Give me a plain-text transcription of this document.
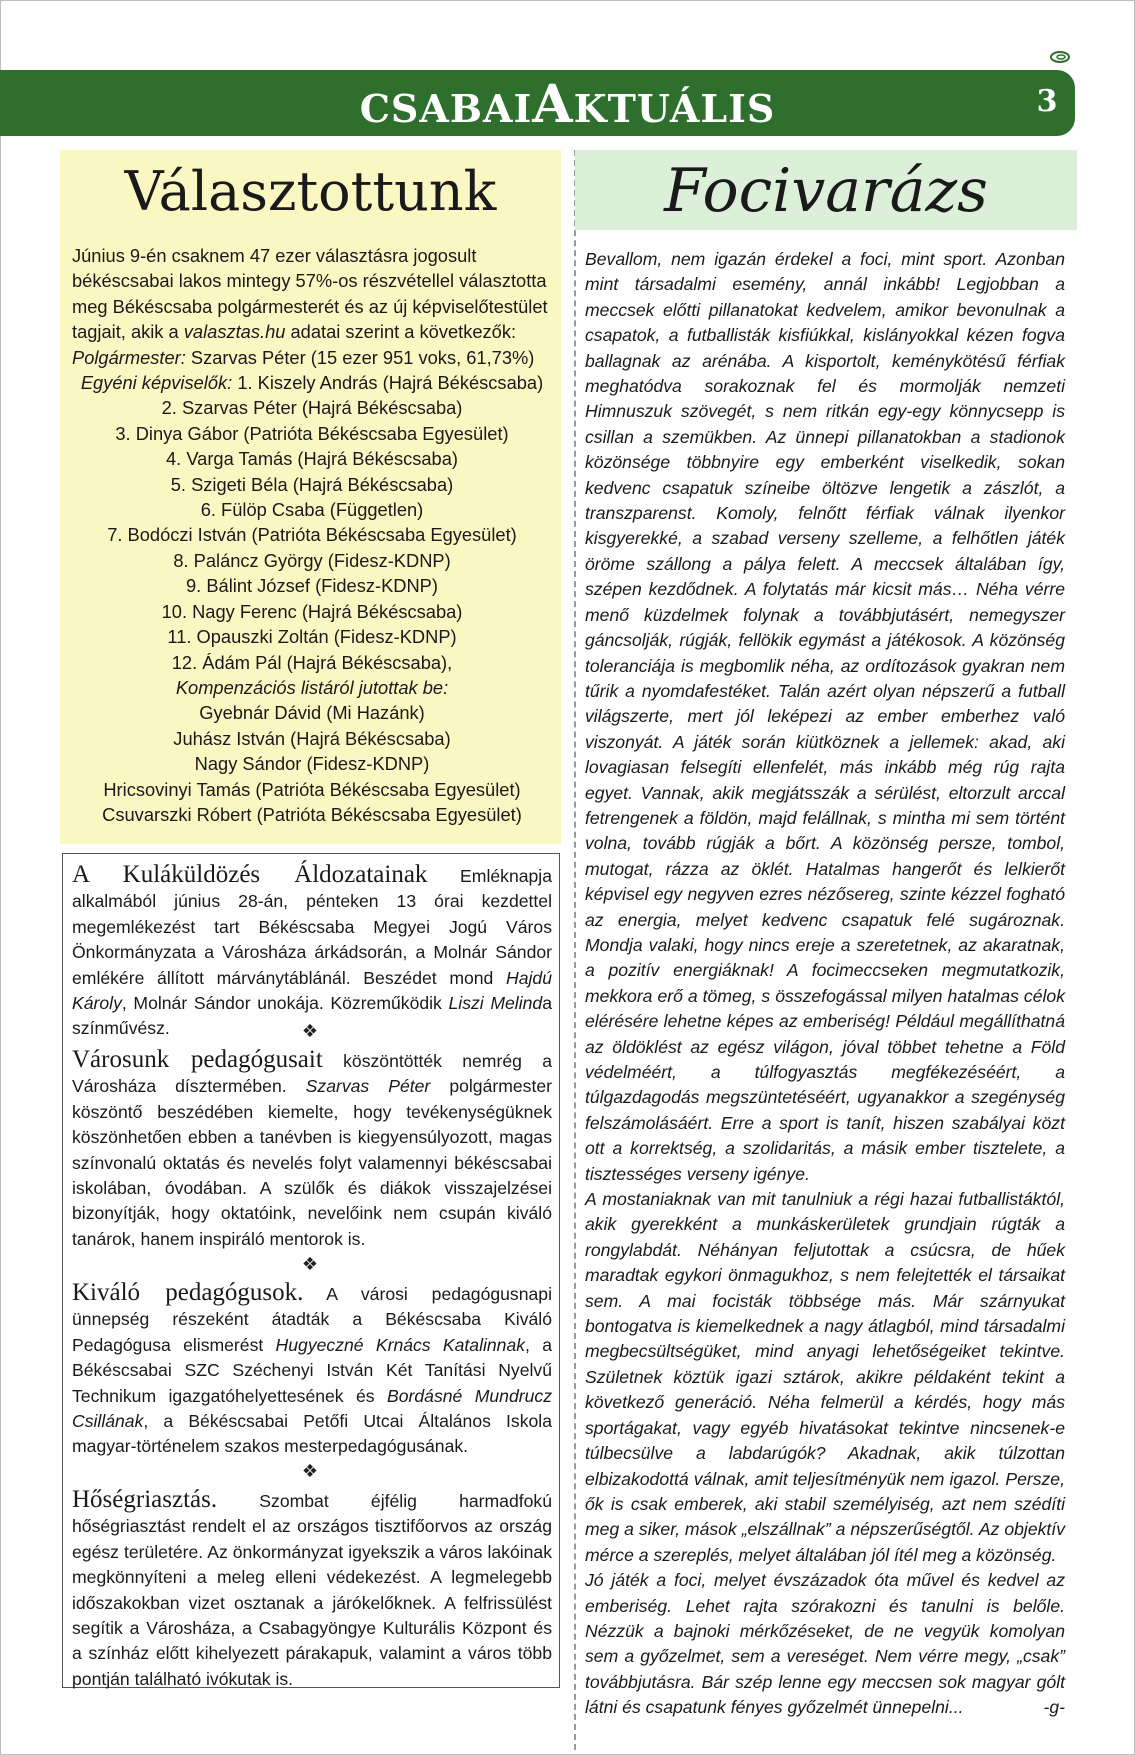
CSABAIAKTUÁLIS	3
Választottunk

Június 9-én csaknem 47 ezer választásra jogosult békéscsabai lakos mintegy 57%-os részvétellel választotta meg Békéscsaba polgármesterét és az új képviselőtestület tagjait, akik a valasztas.hu adatai szerint a következők:

Polgármester: Szarvas Péter (15 ezer 951 voks, 61,73%)

Egyéni képviselők: 1. Kiszely András (Hajrá Békéscsaba)

2. Szarvas Péter (Hajrá Békéscsaba)

3. Dinya Gábor (Patrióta Békéscsaba Egyesület)

4. Varga Tamás (Hajrá Békéscsaba)

5. Szigeti Béla (Hajrá Békéscsaba)

6. Fülöp Csaba (Független)

7. Bodóczi István (Patrióta Békéscsaba Egyesület)

8. Paláncz György (Fidesz-KDNP)

9. Bálint József (Fidesz-KDNP)

10. Nagy Ferenc (Hajrá Békéscsaba)

11. Opauszki Zoltán (Fidesz-KDNP)

12. Ádám Pál (Hajrá Békéscsaba),

Kompenzációs listáról jutottak be:

Gyebnár Dávid (Mi Hazánk)

Juhász István (Hajrá Békéscsaba)

Nagy Sándor (Fidesz-KDNP)

Hricsovinyi Tamás (Patrióta Békéscsaba Egyesület)

Csuvarszki Róbert (Patrióta Békéscsaba Egyesület)

A Kuláküldözés Áldozatainak Emléknapja alkalmából június 28-án, pénteken 13 órai kezdettel megemlékezést tart Békéscsaba Megyei Jogú Város Önkormányzata a Városháza árkádsorán, a Molnár Sándor emlékére állított márványtáblánál. Beszédet mond Hajdú Károly, Molnár Sándor unokája. Közreműködik Liszi Melinda színművész.	❖
Városunk pedagógusait köszöntötték nemrég a Városháza dísztermében. Szarvas Péter polgármester köszöntő beszédében kiemelte, hogy tevékenységüknek köszönhetően ebben a tanévben is kiegyensúlyozott, magas színvonalú oktatás és nevelés folyt valamennyi békéscsabai iskolában, óvodában. A szülők és diákok visszajelzései bizonyítják, hogy oktatóink, nevelőink nem csupán kiváló tanárok, hanem inspiráló mentorok is.
❖
Kiváló pedagógusok. A városi pedagógusnapi ünnepség részeként átadták a Békéscsaba Kiváló Pedagógusa elismerést Hugyeczné Krnács Katalinnak, a Békéscsabai SZC Széchenyi István Két Tanítási Nyelvű Technikum igazgatóhelyettesének és Bordásné Mundrucz Csillának, a Békéscsabai Petőfi Utcai Általános Iskola magyar-történelem szakos mesterpedagógusának.
❖
Hőségriasztás. Szombat éjfélig harmadfokú hőségriasztást rendelt el az országos tisztifőorvos az ország egész területére. Az önkormányzat igyekszik a város lakóinak megkönnyíteni a meleg elleni védekezést. A legmelegebb időszakokban vizet osztanak a járókelőknek. A felfrissülést segítik a Városháza, a Csabagyöngye Kulturális Központ és a színház előtt kihelyezett párakapuk, valamint a város több pontján található ivókutak is.
Focivarázs

Bevallom, nem igazán érdekel a foci, mint sport. Azonban mint társadalmi esemény, annál inkább! Legjobban a meccsek előtti pillanatokat kedvelem, amikor bevonulnak a csapatok, a futballisták kisfiúkkal, kislányokkal kézen fogva ballagnak az arénába. A kisportolt, keménykötésű férfiak meghatódva sorakoznak fel és mormolják nemzeti Himnuszuk szövegét, s nem ritkán egy-egy könnycsepp is csillan a szemükben. Az ünnepi pillanatokban a stadionok közönsége többnyire egy emberként viselkedik, sokan kedvenc csapatuk színeibe öltözve lengetik a zászlót, a transzparenst. Komoly, felnőtt férfiak válnak ilyenkor kisgyerekké, a szabad verseny szelleme, a felhőtlen játék öröme szállong a pálya felett. A meccsek általában így, szépen kezdődnek. A folytatás már kicsit más… Néha vérre menő küzdelmek folynak a továbbjutásért, nemegyszer gáncsolják, rúgják, fellökik egymást a játékosok. A közönség toleranciája is megbomlik néha, az ordítozások gyakran nem tűrik a nyomdafestéket. Talán azért olyan népszerű a futball világszerte, mert jól leképezi az ember emberhez való viszonyát. A játék során kiütköznek a jellemek: akad, aki lovagiasan felsegíti ellenfelét, más inkább még rúg rajta egyet. Vannak, akik megjátsszák a sérülést, eltorzult arccal fetrengenek a földön, majd felállnak, s mintha mi sem történt volna, tovább rúgják a bőrt. A közönség persze, tombol, mutogat, rázza az öklét. Hatalmas hangerőt és lelkierőt képvisel egy negyven ezres nézősereg, szinte kézzel fogható az energia, melyet kedvenc csapatuk felé sugároznak. Mondja valaki, hogy nincs ereje a szeretetnek, az akaratnak, a pozitív energiáknak! A focimeccseken megmutatkozik, mekkora erő a tömeg, s összefogással milyen hatalmas célok elérésére lehetne képes az emberiség! Például megállíthatná az öldöklést az egész világon, jóval többet tehetne a Föld védelméért, a túlfogyasztás megfékezéséért, a túlgazdagodás megszüntetéséért, ugyanakkor a szegénység felszámolásáért. Erre a sport is tanít, hiszen szabályai közt ott a korrektség, a szolidaritás, a másik ember tisztelete, a tisztességes verseny igénye.

A mostaniaknak van mit tanulniuk a régi hazai futballistáktól, akik gyerekként a munkáskerületek grundjain rúgták a rongylabdát. Néhányan feljutottak a csúcsra, de hűek maradtak egykori önmagukhoz, s nem felejtették el társaikat sem. A mai focisták többsége más. Már szárnyukat bontogatva is kiemelkednek a nagy átlagból, mind társadalmi megbecsültségüket, mind anyagi lehetőségeiket tekintve. Születnek köztük igazi sztárok, akikre példaként tekint a következő generáció. Néha felmerül a kérdés, hogy más sportágakat, vagy egyéb hivatásokat tekintve nincsenek-e túlbecsülve a labdarúgók? Akadnak, akik túlzottan elbizakodottá válnak, amit teljesítményük nem igazol. Persze, ők is csak emberek, aki stabil személyiség, azt nem szédíti meg a siker, mások „elszállnak” a népszerűségtől. Az objektív mérce a szereplés, melyet általában jól ítél meg a közönség.

Jó játék a foci, melyet évszázadok óta művel és kedvel az emberiség. Lehet rajta szórakozni és tanulni is belőle. Nézzük a bajnoki mérkőzéseket, de ne vegyük komolyan sem a győzelmet, sem a vereséget. Nem vérre megy, „csak” továbbjutásra. Bár szép lenne egy meccsen sok magyar gólt látni és csapatunk fényes győzelmét ünnepelni...	-g-
